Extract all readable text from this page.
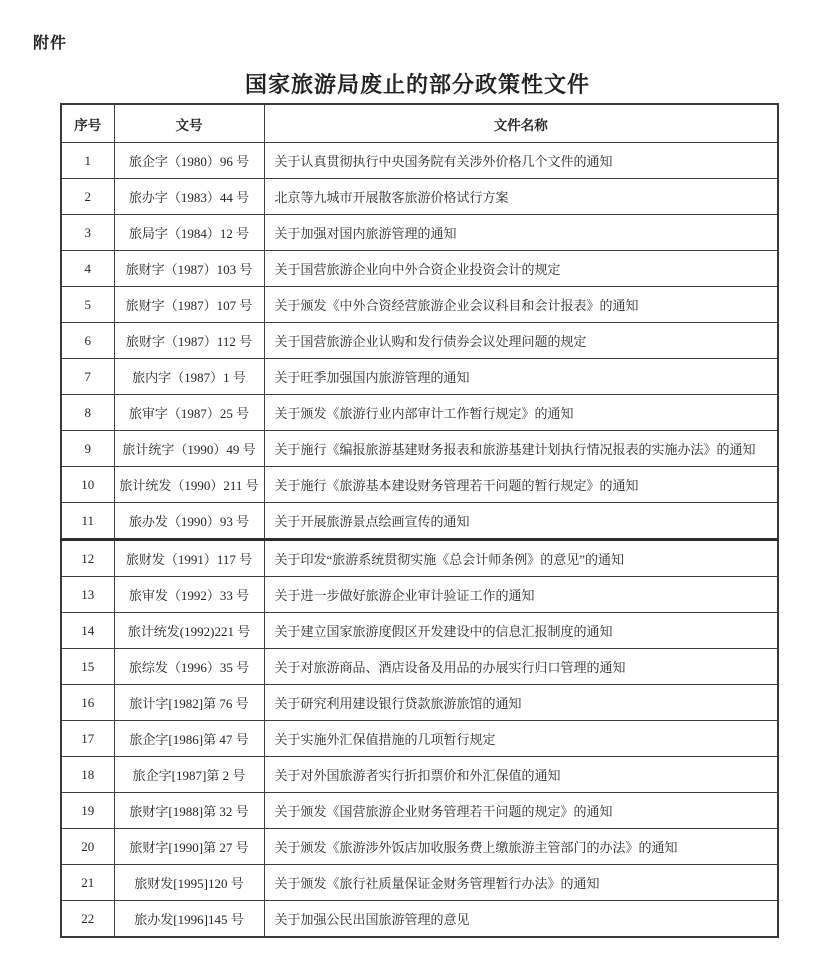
附件
国家旅游局废止的部分政策性文件
序号	文号	文件名称
1	旅企字（1980）96 号	关于认真贯彻执行中央国务院有关涉外价格几个文件的通知
2	旅办字（1983）44 号	北京等九城市开展散客旅游价格试行方案
3	旅局字（1984）12 号	关于加强对国内旅游管理的通知
4	旅财字（1987）103 号	关于国营旅游企业向中外合资企业投资会计的规定
5	旅财字（1987）107 号	关于颁发《中外合资经营旅游企业会议科目和会计报表》的通知
6	旅财字（1987）112 号	关于国营旅游企业认购和发行债券会议处理问题的规定
7	旅内字（1987）1 号	关于旺季加强国内旅游管理的通知
8	旅审字（1987）25 号	关于颁发《旅游行业内部审计工作暂行规定》的通知
9	旅计统字（1990）49 号	关于施行《编报旅游基建财务报表和旅游基建计划执行情况报表的实施办法》的通知
10	旅计统发（1990）211 号	关于施行《旅游基本建设财务管理若干问题的暂行规定》的通知
11	旅办发（1990）93 号	关于开展旅游景点绘画宣传的通知
12	旅财发（1991）117 号	关于印发“旅游系统贯彻实施《总会计师条例》的意见”的通知
13	旅审发（1992）33 号	关于进一步做好旅游企业审计验证工作的通知
14	旅计统发(1992)221 号	关于建立国家旅游度假区开发建设中的信息汇报制度的通知
15	旅综发（1996）35 号	关于对旅游商品、酒店设备及用品的办展实行归口管理的通知
16	旅计字[1982]第 76 号	关于研究利用建设银行贷款旅游旅馆的通知
17	旅企字[1986]第 47 号	关于实施外汇保值措施的几项暂行规定
18	旅企字[1987]第 2 号	关于对外国旅游者实行折扣票价和外汇保值的通知
19	旅财字[1988]第 32 号	关于颁发《国营旅游企业财务管理若干问题的规定》的通知
20	旅财字[1990]第 27 号	关于颁发《旅游涉外饭店加收服务费上缴旅游主管部门的办法》的通知
21	旅财发[1995]120 号	关于颁发《旅行社质量保证金财务管理暂行办法》的通知
22	旅办发[1996]145 号	关于加强公民出国旅游管理的意见
